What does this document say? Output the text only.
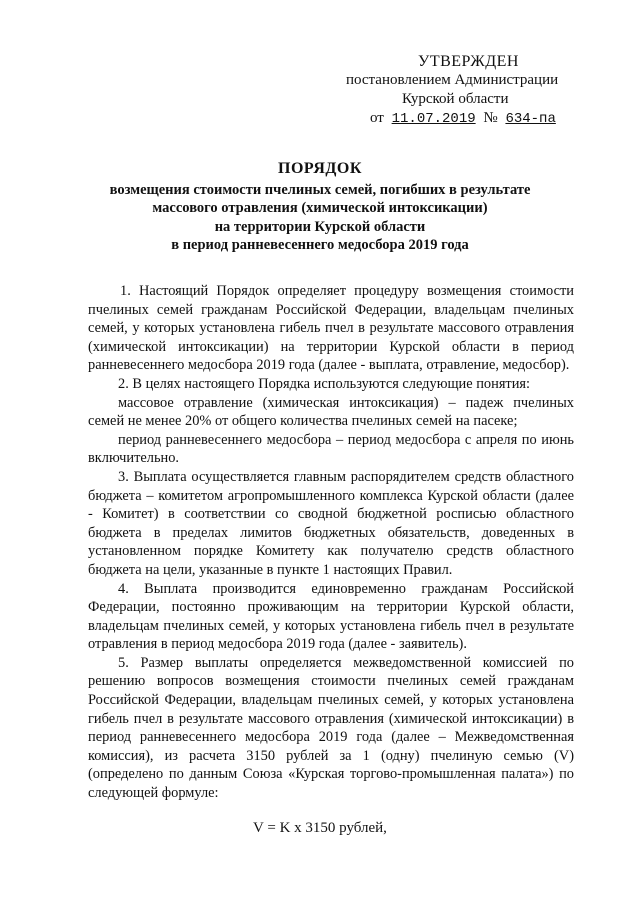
УТВЕРЖДЕН
постановлением Администрации
Курской области
от 11.07.2019 № 634-па
ПОРЯДОК
возмещения стоимости пчелиных семей, погибших в результате
массового отравления (химической интоксикации)
на территории Курской области
в период ранневесеннего медосбора 2019 года

1. Настоящий Порядок определяет процедуру возмещения стоимости пчелиных семей гражданам Российской Федерации, владельцам пчелиных семей, у которых установлена гибель пчел в результате массового отравления (химической интоксикации) на территории Курской области в период ранневесеннего медосбора 2019 года (далее - выплата, отравление, медосбор).

2. В целях настоящего Порядка используются следующие понятия:

массовое отравление (химическая интоксикация) – падеж пчелиных семей не менее 20% от общего количества пчелиных семей на пасеке;

период ранневесеннего медосбора – период медосбора с апреля по июнь включительно.

3. Выплата осуществляется главным распорядителем средств областного бюджета – комитетом агропромышленного комплекса Курской области (далее - Комитет) в соответствии со сводной бюджетной росписью областного бюджета в пределах лимитов бюджетных обязательств, доведенных в установленном порядке Комитету как получателю средств областного бюджета на цели, указанные в пункте 1 настоящих Правил.

4. Выплата производится единовременно гражданам Российской Федерации, постоянно проживающим на территории Курской области, владельцам пчелиных семей, у которых установлена гибель пчел в результате отравления в период медосбора 2019 года (далее - заявитель).

5. Размер выплаты определяется межведомственной комиссией по решению вопросов возмещения стоимости пчелиных семей гражданам Российской Федерации, владельцам пчелиных семей, у которых установлена гибель пчел в результате массового отравления (химической интоксикации) в период ранневесеннего медосбора 2019 года (далее – Межведомственная комиссия), из расчета 3150 рублей за 1 (одну) пчелиную семью (V) (определено по данным Союза «Курская торгово-промышленная палата») по следующей формуле:

V = K х 3150 рублей,
